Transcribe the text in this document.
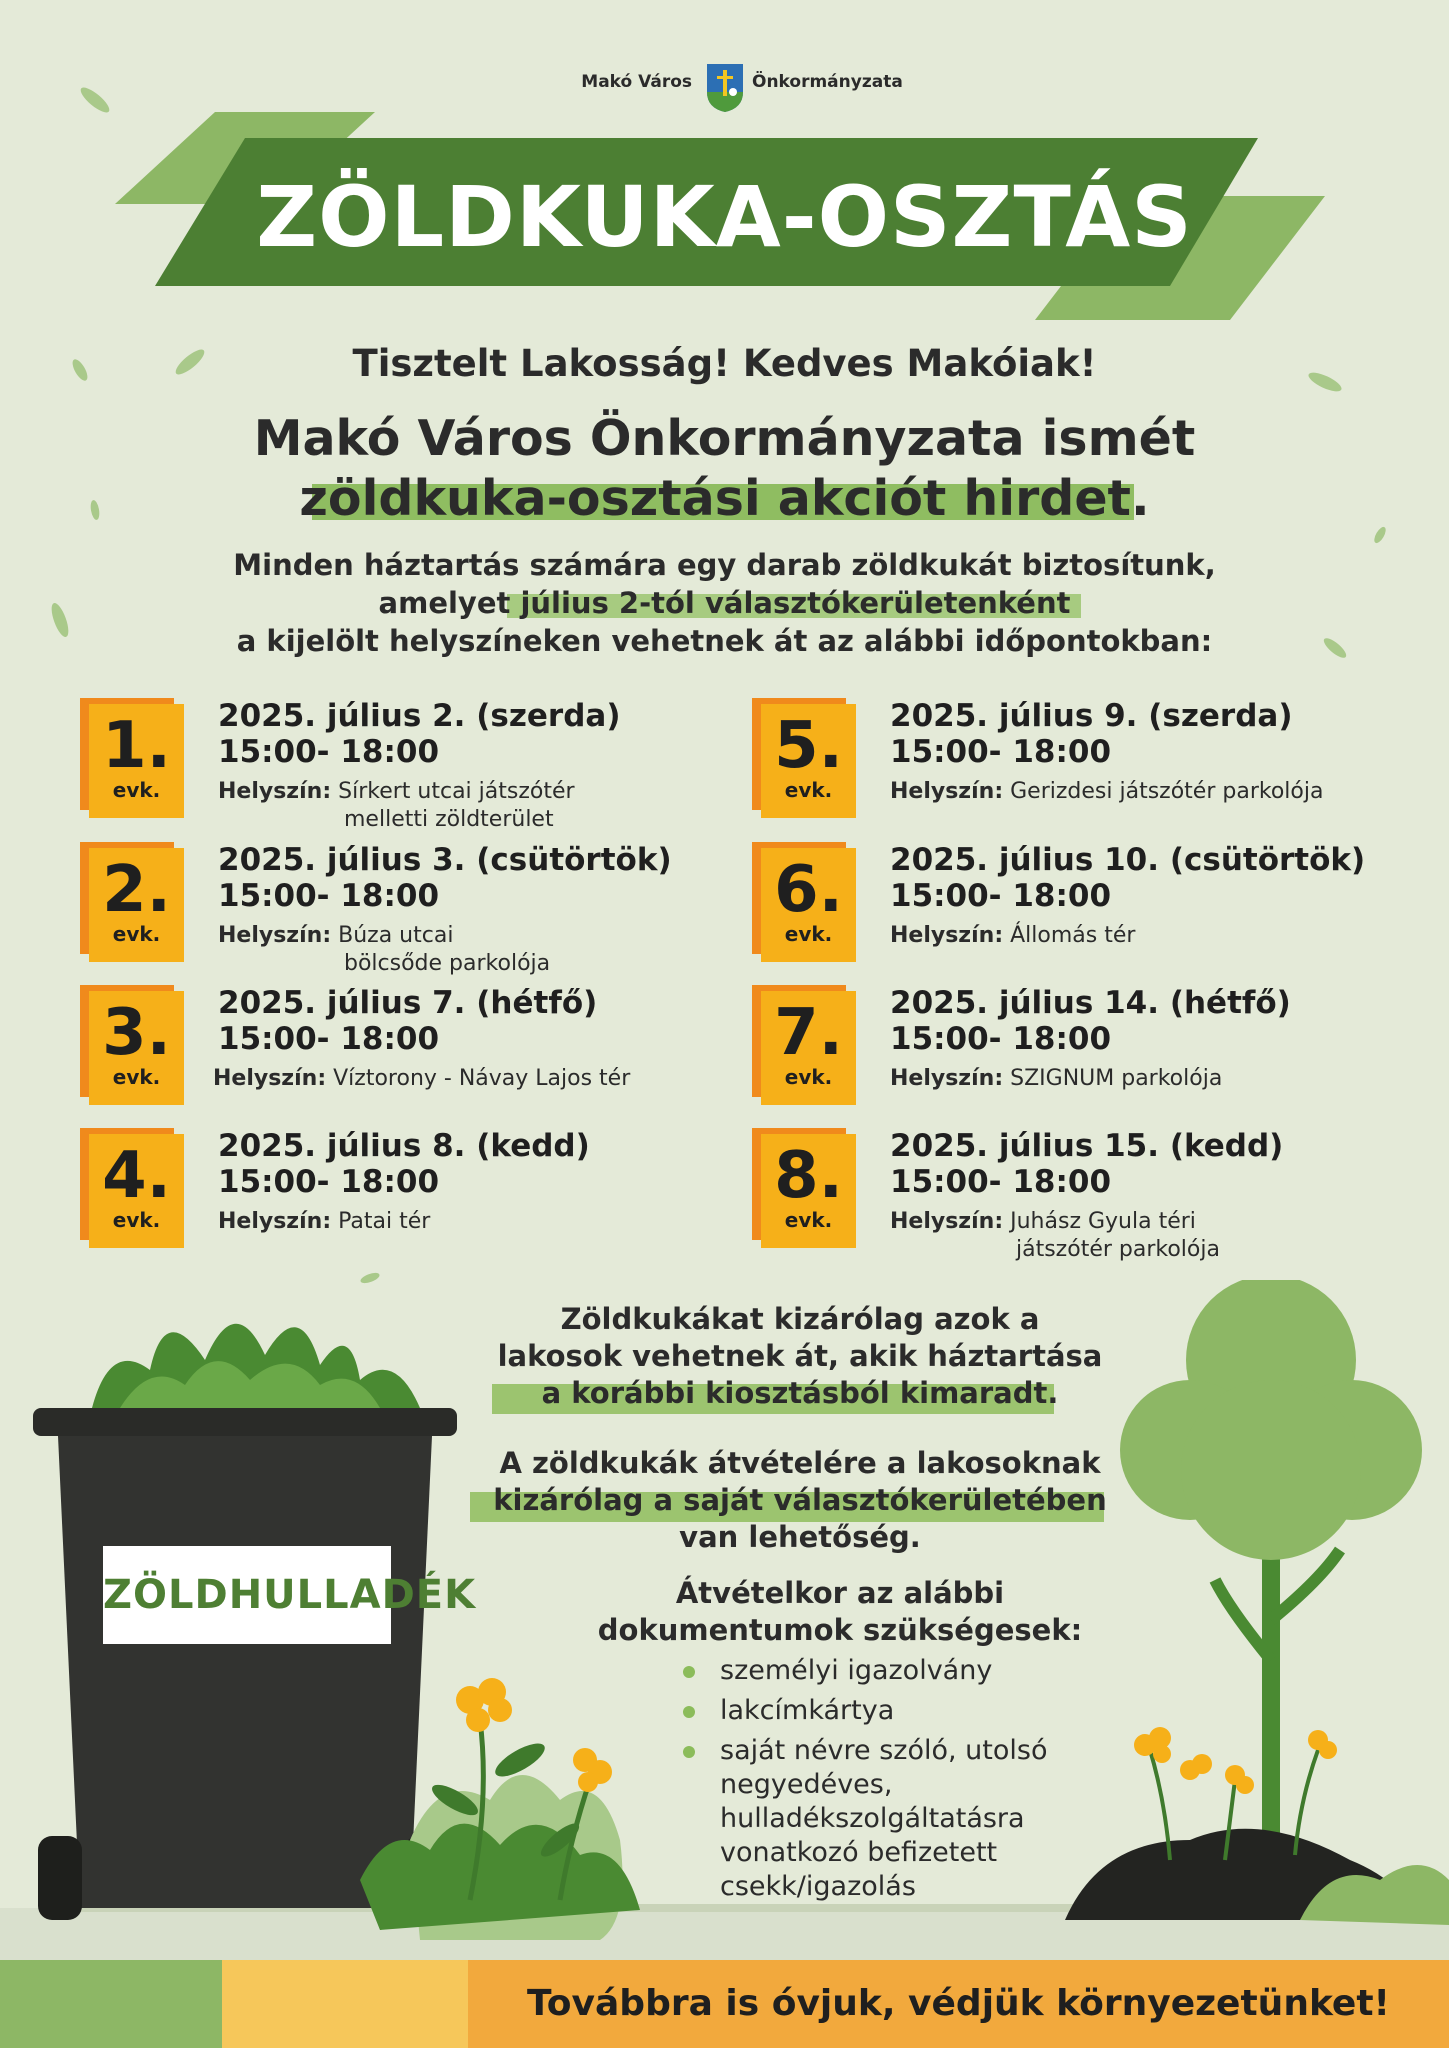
Makó Város	Önkormányzata
ZÖLDKUKA-OSZTÁS
Tisztelt Lakosság! Kedves Makóiak!
Makó Város Önkormányzata ismét
zöldkuka-osztási akciót hirdet.
Minden háztartás számára egy darab zöldkukát biztosítunk,
amelyet július 2-tól választókerületenként
a kijelölt helyszíneken vehetnek át az alábbi időpontokban:
1.
evk.
2025. július 2. (szerda)
15:00- 18:00
Helyszín: Sírkert utcai játszótér
melletti zöldterület
2.
evk.
2025. július 3. (csütörtök)
15:00- 18:00
Helyszín: Búza utcai
bölcsőde parkolója
3.
evk.
2025. július 7. (hétfő)
15:00- 18:00
Helyszín: Víztorony - Návay Lajos tér
4.
evk.
2025. július 8. (kedd)
15:00- 18:00
Helyszín: Patai tér
5.
evk.
2025. július 9. (szerda)
15:00- 18:00
Helyszín: Gerizdesi játszótér parkolója
6.
evk.
2025. július 10. (csütörtök)
15:00- 18:00
Helyszín: Állomás tér
7.
evk.
2025. július 14. (hétfő)
15:00- 18:00
Helyszín: SZIGNUM parkolója
8.
evk.
2025. július 15. (kedd)
15:00- 18:00
Helyszín: Juhász Gyula téri
játszótér parkolója
ZÖLDHULLADÉK
Zöldkukákat kizárólag azok a
lakosok vehetnek át, akik háztartása
a korábbi kiosztásból kimaradt.
A zöldkukák átvételére a lakosoknak
kizárólag a saját választókerületében
van lehetőség.
Átvételkor az alábbi
dokumentumok szükségesek:
személyi igazolvány
lakcímkártya
saját névre szóló, utolsó negyedéves, hulladékszolgáltatásra vonatkozó befizetett csekk/igazolás
Továbbra is óvjuk, védjük környezetünket!
